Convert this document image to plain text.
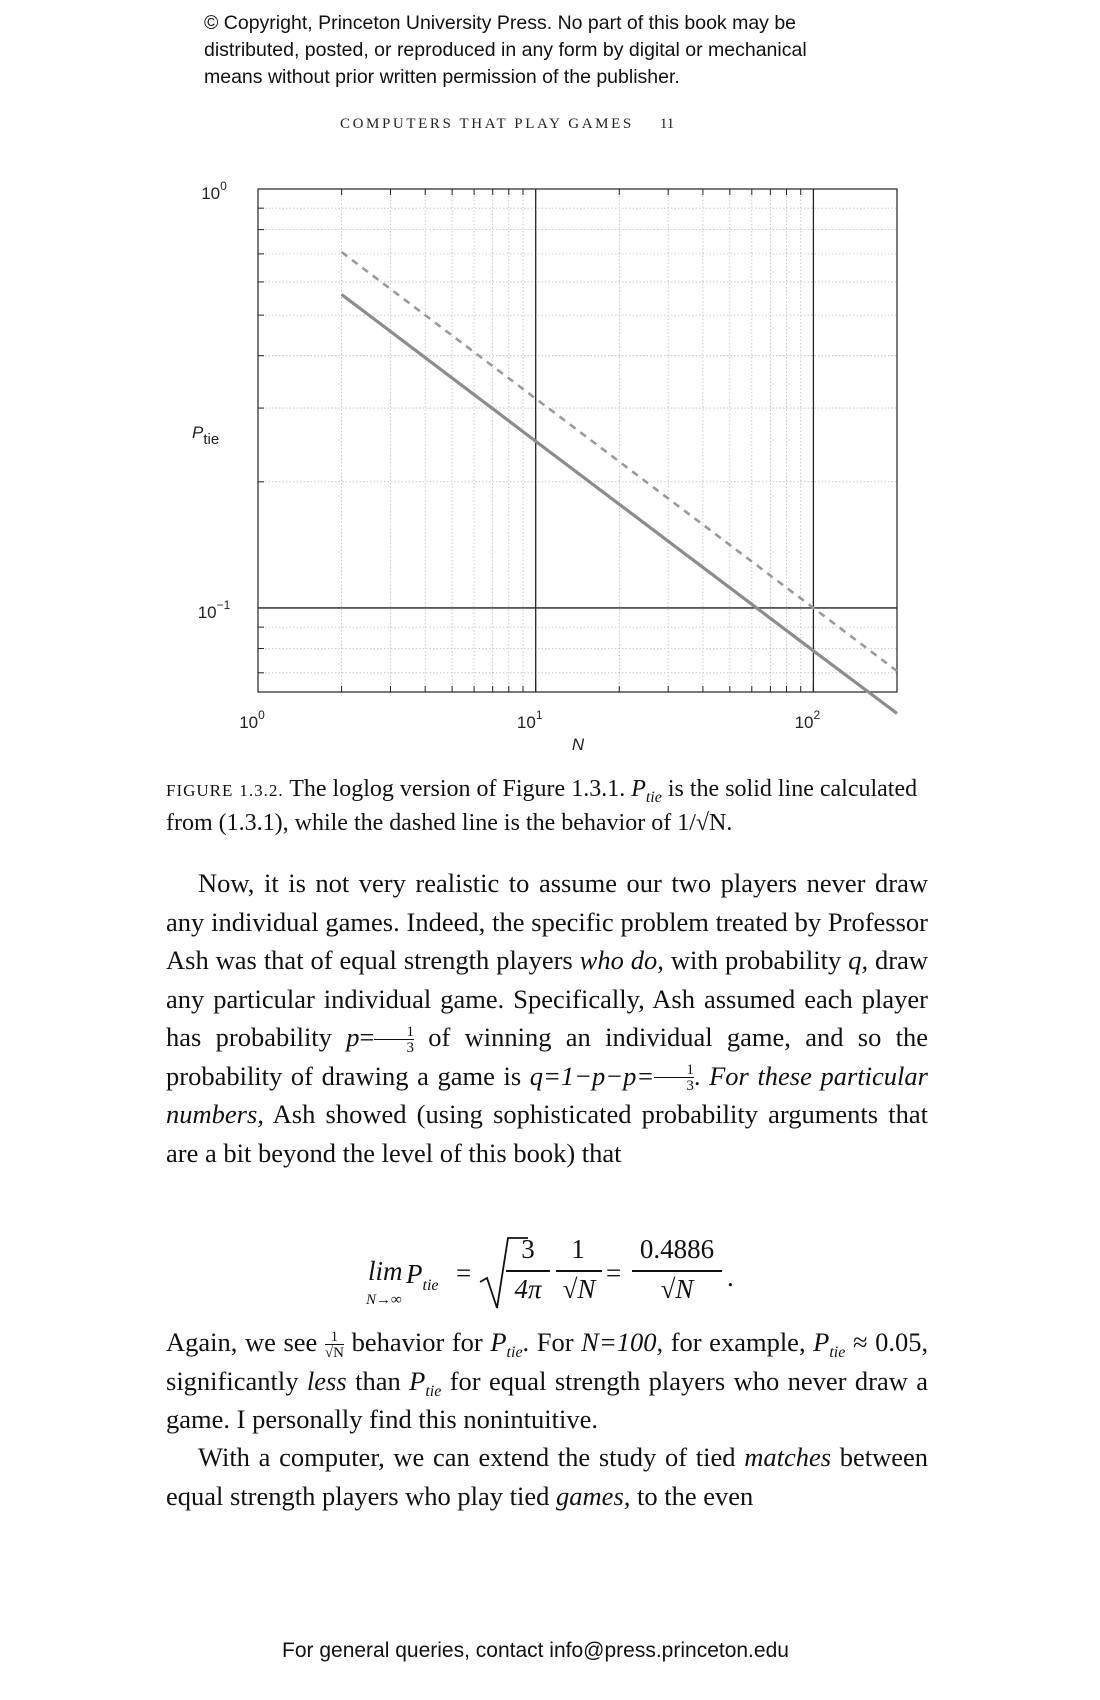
© Copyright, Princeton University Press. No part of this book may be
distributed, posted, or reproduced in any form by digital or mechanical
means without prior written permission of the publisher.
COMPUTERS THAT PLAY GAMES 11
$10^0$	$10^1$	$10^2$
$10^0$
$10^{-1}$
N
Ptie
FIGURE 1.3.2. The loglog version of Figure 1.3.1. $P_{tie}$ is the solid line calculated from (1.3.1), while the dashed line is the behavior of 1/√N.

Now, it is not very realistic to assume our two players never draw any individual games. Indeed, the specific problem treated by Professor Ash was that of equal strength players who do, with probability q, draw any particular individual game. Specifically, Ash assumed each player has probability $p= \frac{1}{3}$ of winning an individual game, and so the probability of drawing a game is $q=1-p-p= \frac{1}{3}$ . For these particular numbers, Ash showed (using sophisticated probability arguments that are a bit beyond the level of this book) that

lim
N→∞
$P_{tie}$ =
3
4π
1
√N
=
0.4886
√N	.

Again, we see $\frac{1}{√N}$ behavior for $P_{tie}$. For N=100, for example, $P_{tie} \approx 0.05$, significantly less than $P_{tie}$ for equal strength players who never draw a game. I personally find this nonintuitive.

With a computer, we can extend the study of tied matches between equal strength players who play tied games, to the even

For general queries, contact info@press.princeton.edu
